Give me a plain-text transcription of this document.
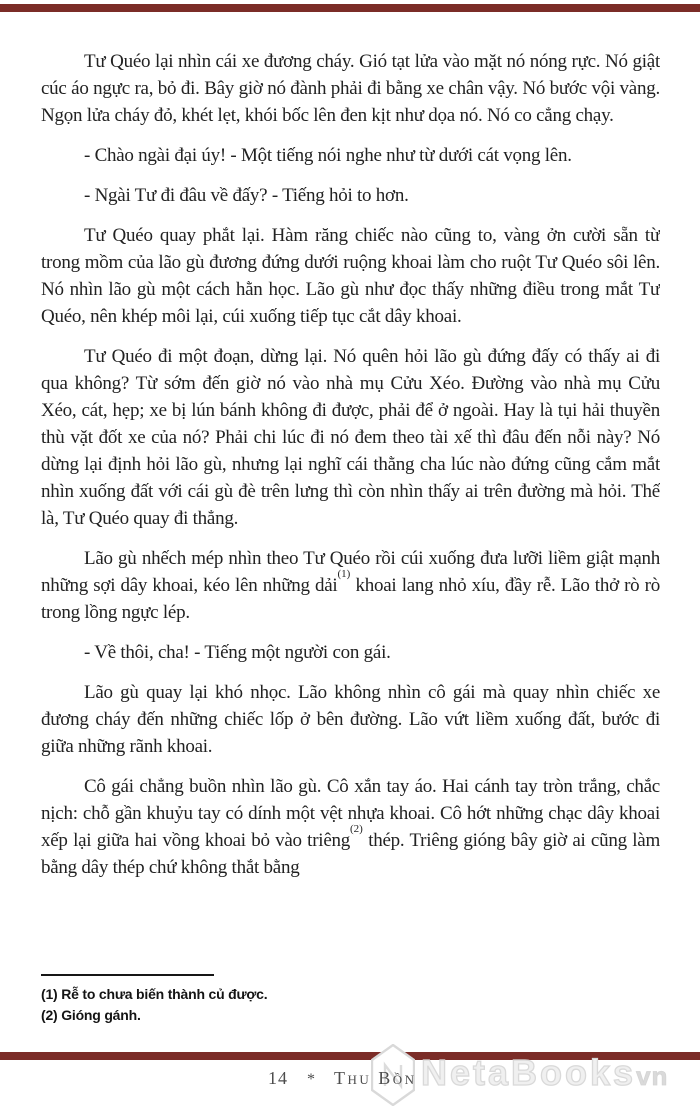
Tư Quéo lại nhìn cái xe đương cháy. Gió tạt lửa vào mặt nó nóng rực. Nó giật cúc áo ngực ra, bỏ đi. Bây giờ nó đành phải đi bằng xe chân vậy. Nó bước vội vàng. Ngọn lửa cháy đỏ, khét lẹt, khói bốc lên đen kịt như dọa nó. Nó co cẳng chạy.

- Chào ngài đại úy! - Một tiếng nói nghe như từ dưới cát vọng lên.

- Ngài Tư đi đâu về đấy? - Tiếng hỏi to hơn.

Tư Quéo quay phắt lại. Hàm răng chiếc nào cũng to, vàng ởn cười sẵn từ trong mồm của lão gù đương đứng dưới ruộng khoai làm cho ruột Tư Quéo sôi lên. Nó nhìn lão gù một cách hằn học. Lão gù như đọc thấy những điều trong mắt Tư Quéo, nên khép môi lại, cúi xuống tiếp tục cắt dây khoai.

Tư Quéo đi một đoạn, dừng lại. Nó quên hỏi lão gù đứng đấy có thấy ai đi qua không? Từ sớm đến giờ nó vào nhà mụ Cửu Xéo. Đường vào nhà mụ Cửu Xéo, cát, hẹp; xe bị lún bánh không đi được, phải để ở ngoài. Hay là tụi hải thuyền thù vặt đốt xe của nó? Phải chi lúc đi nó đem theo tài xế thì đâu đến nỗi này? Nó dừng lại định hỏi lão gù, nhưng lại nghĩ cái thằng cha lúc nào đứng cũng cắm mắt nhìn xuống đất với cái gù đè trên lưng thì còn nhìn thấy ai trên đường mà hỏi. Thế là, Tư Quéo quay đi thẳng.

Lão gù nhếch mép nhìn theo Tư Quéo rồi cúi xuống đưa lưỡi liềm giật mạnh những sợi dây khoai, kéo lên những dải$^{(1)}$ khoai lang nhỏ xíu, đầy rễ. Lão thở rò rò trong lồng ngực lép.

- Về thôi, cha! - Tiếng một người con gái.

Lão gù quay lại khó nhọc. Lão không nhìn cô gái mà quay nhìn chiếc xe đương cháy đến những chiếc lốp ở bên đường. Lão vứt liềm xuống đất, bước đi giữa những rãnh khoai.

Cô gái chẳng buồn nhìn lão gù. Cô xắn tay áo. Hai cánh tay tròn trắng, chắc nịch: chỗ gần khuỷu tay có dính một vệt nhựa khoai. Cô hớt những chạc dây khoai xếp lại giữa hai vồng khoai bỏ vào triêng$^{(2)}$ thép. Triêng gióng bây giờ ai cũng làm bằng dây thép chứ không thắt bằng

(1) Rễ to chưa biến thành củ được.
(2) Gióng gánh.
NetaBooksvn
14 * Thu Bồn
